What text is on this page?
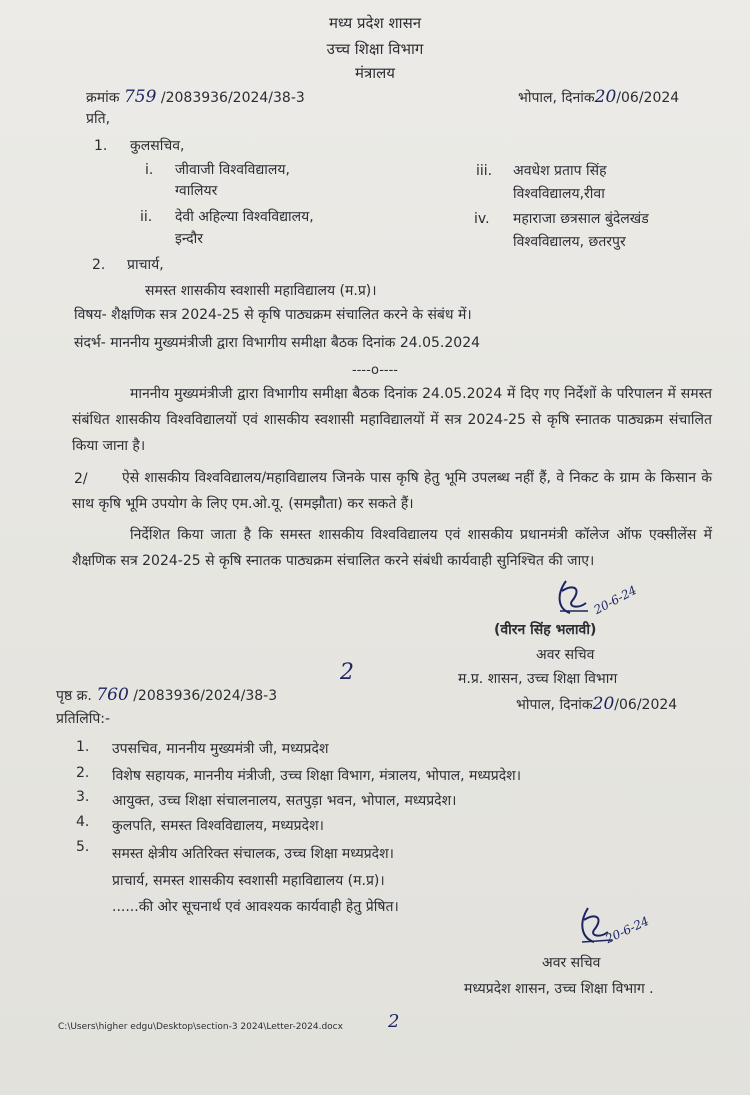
मध्य प्रदेश शासन
उच्च शिक्षा विभाग
मंत्रालय
क्रमांक 759 /2083936/2024/38-3	भोपाल, दिनांक20/06/2024
प्रति,
1. कुलसचिव,
i. जीवाजी विश्वविद्यालय,
ग्वालियर
ii. देवी अहिल्या विश्वविद्यालय,
इन्दौर
iii. अवधेश प्रताप सिंह
विश्वविद्यालय,रीवा
iv. महाराजा छत्रसाल बुंदेलखंड
विश्वविद्यालय, छतरपुर
2. प्राचार्य,
समस्त शासकीय स्वशासी महाविद्यालय (म.प्र)।
विषय- शैक्षणिक सत्र 2024-25 से कृषि पाठ्यक्रम संचालित करने के संबंध में।
संदर्भ- माननीय मुख्यमंत्रीजी द्वारा विभागीय समीक्षा बैठक दिनांक 24.05.2024
----o----
माननीय मुख्यमंत्रीजी द्वारा विभागीय समीक्षा बैठक दिनांक 24.05.2024 में दिए गए निर्देशों के परिपालन में समस्त संबंधित शासकीय विश्वविद्यालयों एवं शासकीय स्वशासी महाविद्यालयों में सत्र 2024-25 से कृषि स्नातक पाठ्यक्रम संचालित किया जाना है।
2/	ऐसे शासकीय विश्वविद्यालय/महाविद्यालय जिनके पास कृषि हेतु भूमि उपलब्ध नहीं हैं, वे निकट के ग्राम के किसान के साथ कृषि भूमि उपयोग के लिए एम.ओ.यू. (समझौता) कर सकते हैं।
निर्देशित किया जाता है कि समस्त शासकीय विश्वविद्यालय एवं शासकीय प्रधानमंत्री कॉलेज ऑफ एक्सीलेंस में शैक्षणिक सत्र 2024-25 से कृषि स्नातक पाठ्यक्रम संचालित करने संबंधी कार्यवाही सुनिश्चित की जाए।
20-6-24
(वीरन सिंह भलावी)
अवर सचिव
म.प्र. शासन, उच्च शिक्षा विभाग
भोपाल, दिनांक20/06/2024
2
पृष्ठ क्र. 760 /2083936/2024/38-3
प्रतिलिपि:-
1. उपसचिव, माननीय मुख्यमंत्री जी, मध्यप्रदेश
2. विशेष सहायक, माननीय मंत्रीजी, उच्च शिक्षा विभाग, मंत्रालय, भोपाल, मध्यप्रदेश।
3. आयुक्त, उच्च शिक्षा संचालनालय, सतपुड़ा भवन, भोपाल, मध्यप्रदेश।
4. कुलपति, समस्त विश्वविद्यालय, मध्यप्रदेश।
5. समस्त क्षेत्रीय अतिरिक्त संचालक, उच्च शिक्षा मध्यप्रदेश।
प्राचार्य, समस्त शासकीय स्वशासी महाविद्यालय (म.प्र)।
......की ओर सूचनार्थ एवं आवश्यक कार्यवाही हेतु प्रेषित।
20-6-24
अवर सचिव
मध्यप्रदेश शासन, उच्च शिक्षा विभाग .
C:\Users\higher edgu\Desktop\section-3 2024\Letter-2024.docx	2
